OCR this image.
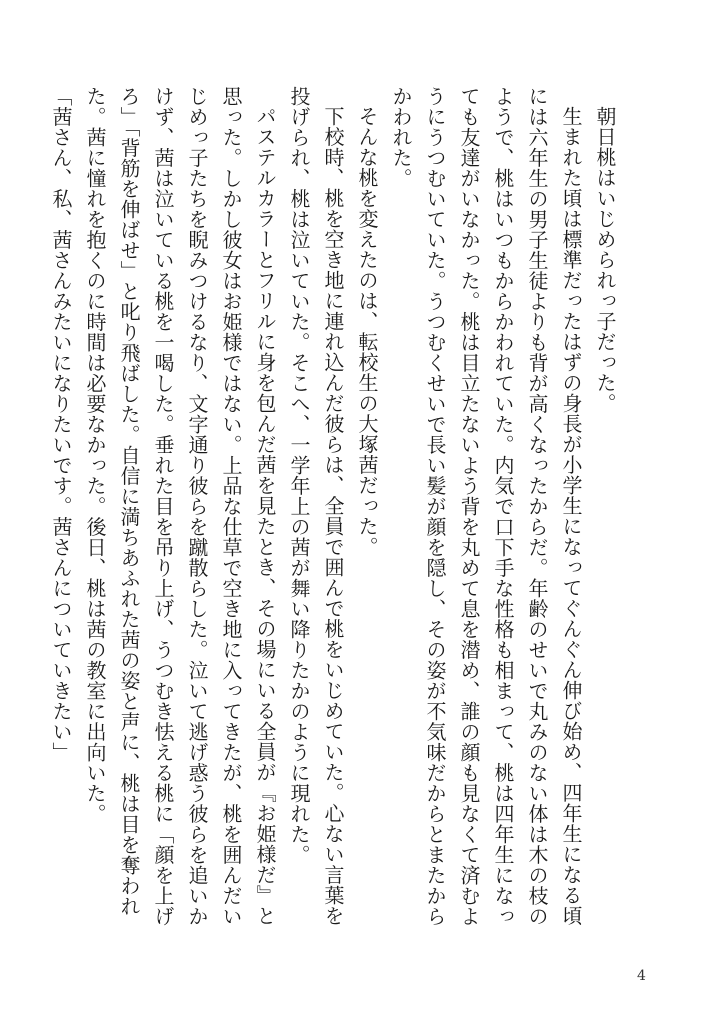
朝日桃はいじめられっ子だった。

生まれた頃は標準だったはずの身長が小学生になってぐんぐん伸び始め、四年生になる頃には六年生の男子生徒よりも背が高くなったからだ。年齢のせいで丸みのない体は木の枝のようで、桃はいつもからかわれていた。内気で口下手な性格も相まって、桃は四年生になっても友達がいなかった。桃は目立たないよう背を丸めて息を潜め、誰の顔も見なくて済むようにうつむいていた。うつむくせいで長い髪が顔を隠し、その姿が不気味だからとまたからかわれた。

そんな桃を変えたのは、転校生の大塚茜だった。

下校時、桃を空き地に連れ込んだ彼らは、全員で囲んで桃をいじめていた。心ない言葉を投げられ、桃は泣いていた。そこへ、一学年上の茜が舞い降りたかのように現れた。

パステルカラーとフリルに身を包んだ茜を見たとき、その場にいる全員が『お姫様だ』と思った。しかし彼女はお姫様ではない。上品な仕草で空き地に入ってきたが、桃を囲んだいじめっ子たちを睨みつけるなり、文字通り彼らを蹴散らした。泣いて逃げ惑う彼らを追いかけず、茜は泣いている桃を一喝した。垂れた目を吊り上げ、うつむき怯える桃に「顔を上げろ」「背筋を伸ばせ」と叱り飛ばした。自信に満ちあふれた茜の姿と声に、桃は目を奪われた。茜に憧れを抱くのに時間は必要なかった。後日、桃は茜の教室に出向いた。

「茜さん、私、茜さんみたいになりたいです。茜さんについていきたい」

4
